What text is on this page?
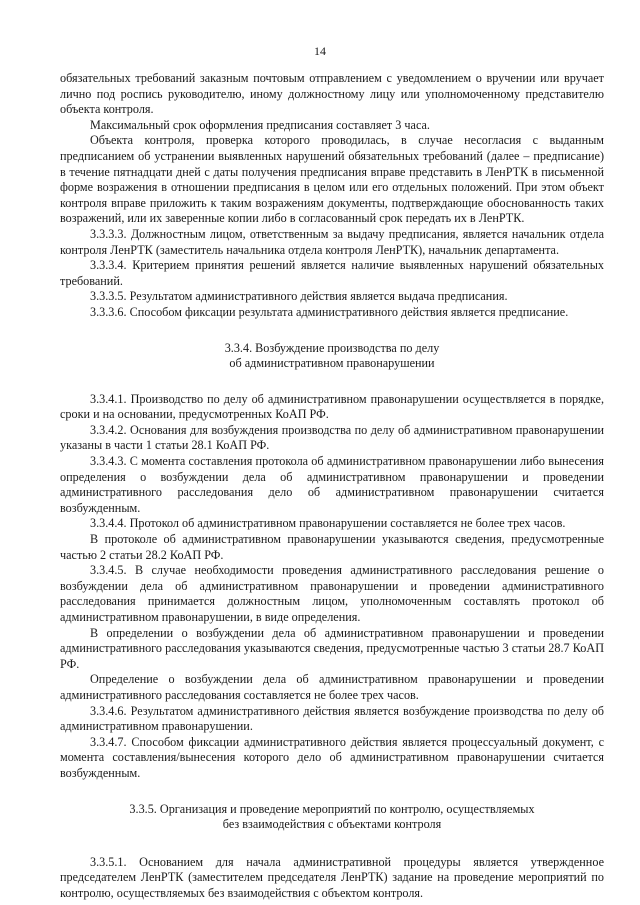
14

обязательных требований заказным почтовым отправлением с уведомлением о вручении или вручает лично под роспись руководителю, иному должностному лицу или уполномоченному представителю объекта контроля.

Максимальный срок оформления предписания составляет 3 часа.

Объекта контроля, проверка которого проводилась, в случае несогласия с выданным предписанием об устранении выявленных нарушений обязательных требований (далее – предписание) в течение пятнадцати дней с даты получения предписания вправе представить в ЛенРТК в письменной форме возражения в отношении предписания в целом или его отдельных положений. При этом объект контроля вправе приложить к таким возражениям документы, подтверждающие обоснованность таких возражений, или их заверенные копии либо в согласованный срок передать их в ЛенРТК.

3.3.3.3. Должностным лицом, ответственным за выдачу предписания, является начальник отдела контроля ЛенРТК (заместитель начальника отдела контроля ЛенРТК), начальник департамента.

3.3.3.4. Критерием принятия решений является наличие выявленных нарушений обязательных требований.

3.3.3.5. Результатом административного действия является выдача предписания.

3.3.3.6. Способом фиксации результата административного действия является предписание.

3.3.4. Возбуждение производства по делу
об административном правонарушении

3.3.4.1. Производство по делу об административном правонарушении осуществляется в порядке, сроки и на основании, предусмотренных КоАП РФ.

3.3.4.2. Основания для возбуждения производства по делу об административном правонарушении указаны в части 1 статьи 28.1 КоАП РФ.

3.3.4.3. С момента составления протокола об административном правонарушении либо вынесения определения о возбуждении дела об административном правонарушении и проведении административного расследования дело об административном правонарушении считается возбужденным.

3.3.4.4. Протокол об административном правонарушении составляется не более трех часов.

В протоколе об административном правонарушении указываются сведения, предусмотренные частью 2 статьи 28.2 КоАП РФ.

3.3.4.5. В случае необходимости проведения административного расследования решение о возбуждении дела об административном правонарушении и проведении административного расследования принимается должностным лицом, уполномоченным составлять протокол об административном правонарушении, в виде определения.

В определении о возбуждении дела об административном правонарушении и проведении административного расследования указываются сведения, предусмотренные частью 3 статьи 28.7 КоАП РФ.

Определение о возбуждении дела об административном правонарушении и проведении административного расследования составляется не более трех часов.

3.3.4.6. Результатом административного действия является возбуждение производства по делу об административном правонарушении.

3.3.4.7. Способом фиксации административного действия является процессуальный документ, с момента составления/вынесения которого дело об административном правонарушении считается возбужденным.

3.3.5. Организация и проведение мероприятий по контролю, осуществляемых
без взаимодействия с объектами контроля

3.3.5.1. Основанием для начала административной процедуры является утвержденное председателем ЛенРТК (заместителем председателя ЛенРТК) задание на проведение мероприятий по контролю, осуществляемых без взаимодействия с объектом контроля.
